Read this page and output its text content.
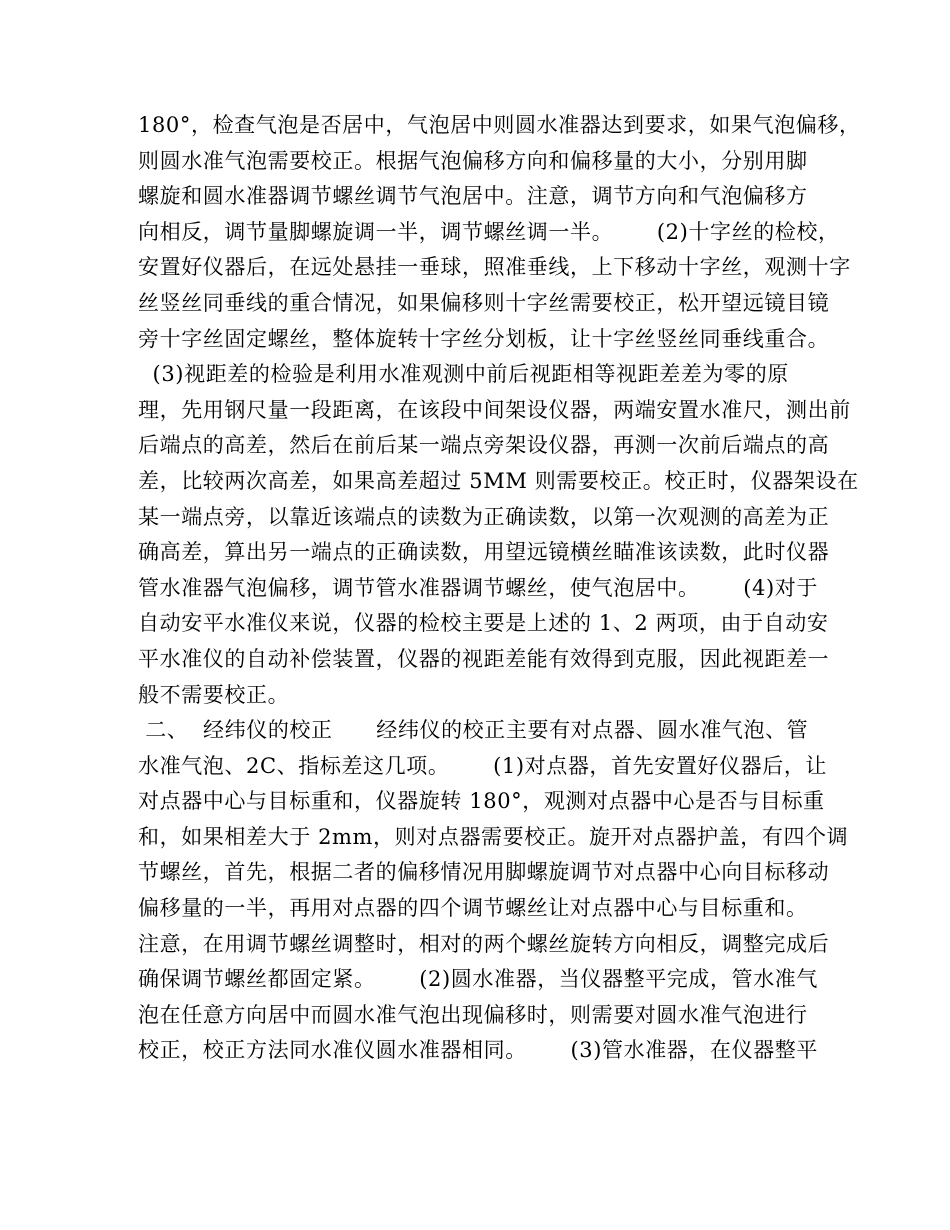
180°，检查气泡是否居中，气泡居中则圆水准器达到要求，如果气泡偏移，
则圆水准气泡需要校正。根据气泡偏移方向和偏移量的大小，分别用脚
螺旋和圆水准器调节螺丝调节气泡居中。注意，调节方向和气泡偏移方
向相反，调节量脚螺旋调一半，调节螺丝调一半。      (2)十字丝的检校，
安置好仪器后，在远处悬挂一垂球，照准垂线，上下移动十字丝，观测十字
丝竖丝同垂线的重合情况，如果偏移则十字丝需要校正，松开望远镜目镜
旁十字丝固定螺丝，整体旋转十字丝分划板，让十字丝竖丝同垂线重合。
(3)视距差的检验是利用水准观测中前后视距相等视距差差为零的原
理，先用钢尺量一段距离，在该段中间架设仪器，两端安置水准尺，测出前
后端点的高差，然后在前后某一端点旁架设仪器，再测一次前后端点的高
差，比较两次高差，如果高差超过 5MM 则需要校正。校正时，仪器架设在
某一端点旁，以靠近该端点的读数为正确读数，以第一次观测的高差为正
确高差，算出另一端点的正确读数，用望远镜横丝瞄准该读数，此时仪器
管水准器气泡偏移，调节管水准器调节螺丝，使气泡居中。      (4)对于
自动安平水准仪来说，仪器的检校主要是上述的 1、2 两项，由于自动安
平水准仪的自动补偿装置，仪器的视距差能有效得到克服，因此视距差一
般不需要校正。
二、  经纬仪的校正      经纬仪的校正主要有对点器、圆水准气泡、管
水准气泡、2C、指标差这几项。      (1)对点器，首先安置好仪器后，让
对点器中心与目标重和，仪器旋转 180°，观测对点器中心是否与目标重
和，如果相差大于 2mm，则对点器需要校正。旋开对点器护盖，有四个调
节螺丝，首先，根据二者的偏移情况用脚螺旋调节对点器中心向目标移动
偏移量的一半，再用对点器的四个调节螺丝让对点器中心与目标重和。
注意，在用调节螺丝调整时，相对的两个螺丝旋转方向相反，调整完成后
确保调节螺丝都固定紧。      (2)圆水准器，当仪器整平完成，管水准气
泡在任意方向居中而圆水准气泡出现偏移时，则需要对圆水准气泡进行
校正，校正方法同水准仪圆水准器相同。      (3)管水准器，在仪器整平
